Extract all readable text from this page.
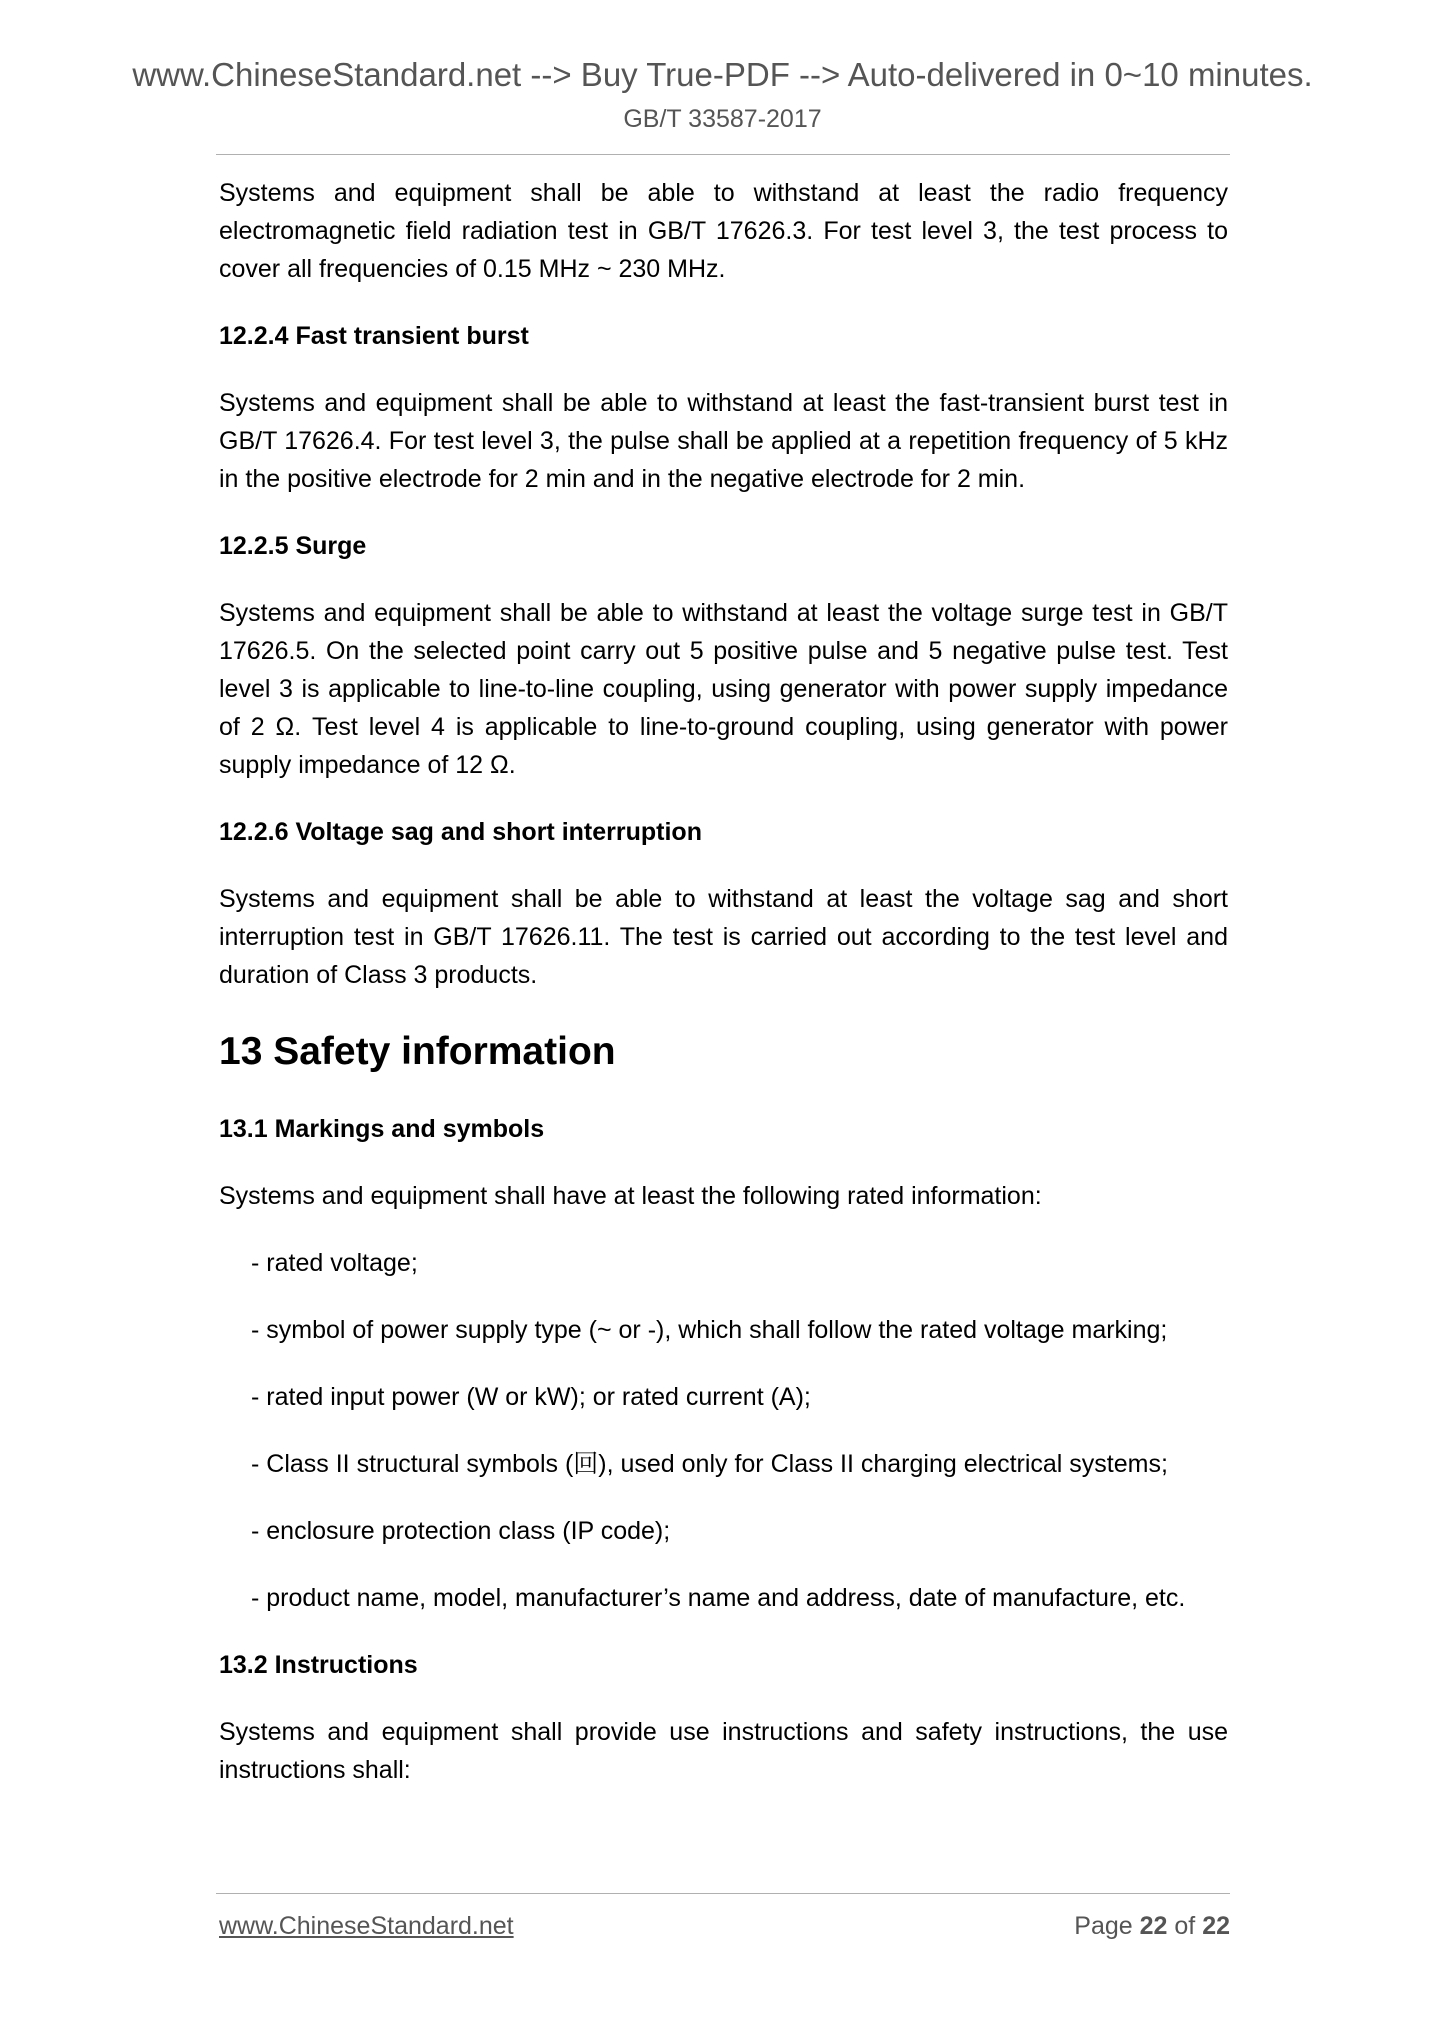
www.ChineseStandard.net --> Buy True-PDF --> Auto-delivered in 0~10 minutes.
GB/T 33587-2017

Systems and equipment shall be able to withstand at least the radio frequency electromagnetic field radiation test in GB/T 17626.3. For test level 3, the test process to cover all frequencies of 0.15 MHz ~ 230 MHz.

12.2.4 Fast transient burst

Systems and equipment shall be able to withstand at least the fast-transient burst test in GB/T 17626.4. For test level 3, the pulse shall be applied at a repetition frequency of 5 kHz in the positive electrode for 2 min and in the negative electrode for 2 min.

12.2.5 Surge

Systems and equipment shall be able to withstand at least the voltage surge test in GB/T 17626.5. On the selected point carry out 5 positive pulse and 5 negative pulse test. Test level 3 is applicable to line-to-line coupling, using generator with power supply impedance of 2 Ω. Test level 4 is applicable to line-to-ground coupling, using generator with power supply impedance of 12 Ω.

12.2.6 Voltage sag and short interruption

Systems and equipment shall be able to withstand at least the voltage sag and short interruption test in GB/T 17626.11. The test is carried out according to the test level and duration of Class 3 products.

13 Safety information
13.1 Markings and symbols

Systems and equipment shall have at least the following rated information:

- rated voltage;
- symbol of power supply type (~ or -), which shall follow the rated voltage marking;
- rated input power (W or kW); or rated current (A);
- Class II structural symbols (回), used only for Class II charging electrical systems;
- enclosure protection class (IP code);
- product name, model, manufacturer’s name and address, date of manufacture, etc.
13.2 Instructions

Systems and equipment shall provide use instructions and safety instructions, the use instructions shall:

www.ChineseStandard.net	Page 22 of 22
